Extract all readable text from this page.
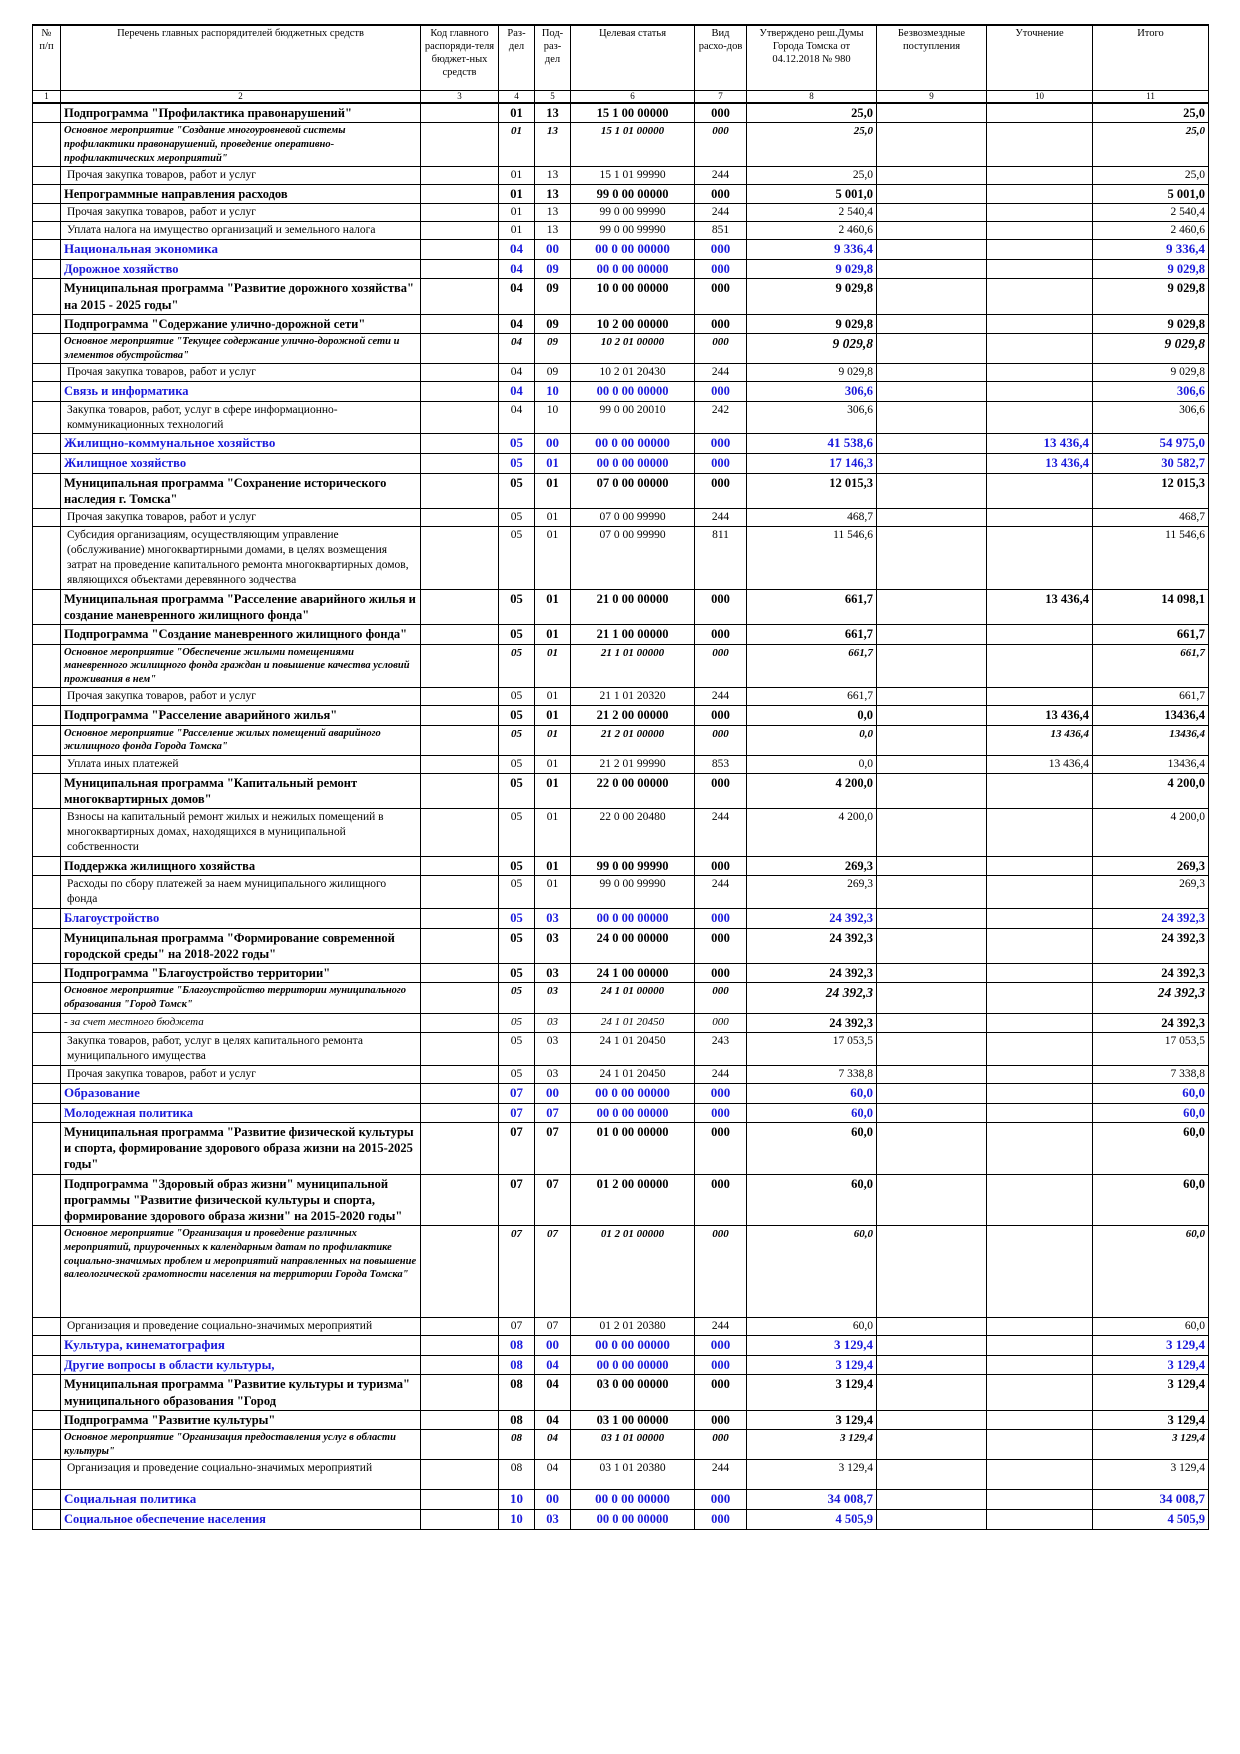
№ п/п	Перечень главных распорядителей бюджетных средств	Код главного распоряди-теля бюджет-ных средств	Раз-дел	Под-раз-дел	Целевая статья	Вид расхо-дов	Утверждено реш.Думы Города Томска от 04.12.2018 № 980	Безвозмездные поступления	Уточнение	Итого
1	2	3	4	5	6	7	8	9	10	11
	Подпрограмма "Профилактика правонарушений"		01	13	15 1 00 00000	000	25,0			25,0
	Основное мероприятие "Создание многоуровневой системы профилактики правонарушений, проведение оперативно-профилактических мероприятий"		01	13	15 1 01 00000	000	25,0			25,0
	Прочая закупка товаров, работ и услуг		01	13	15 1 01 99990	244	25,0			25,0
	Непрограммные направления расходов		01	13	99 0 00 00000	000	5 001,0			5 001,0
	Прочая закупка товаров, работ и услуг		01	13	99 0 00 99990	244	2 540,4			2 540,4
	Уплата налога на имущество организаций и земельного налога		01	13	99 0 00 99990	851	2 460,6			2 460,6
	Национальная экономика		04	00	00 0 00 00000	000	9 336,4			9 336,4
	Дорожное хозяйство		04	09	00 0 00 00000	000	9 029,8			9 029,8
	Муниципальная программа "Развитие дорожного хозяйства" на 2015 - 2025 годы"		04	09	10 0 00 00000	000	9 029,8			9 029,8
	Подпрограмма "Содержание улично-дорожной сети"		04	09	10 2 00 00000	000	9 029,8			9 029,8
	Основное мероприятие "Текущее содержание улично-дорожной сети и элементов обустройства"		04	09	10 2 01 00000	000	9 029,8			9 029,8
	Прочая закупка товаров, работ и услуг		04	09	10 2 01 20430	244	9 029,8			9 029,8
	Связь и информатика		04	10	00 0 00 00000	000	306,6			306,6
	Закупка товаров, работ, услуг в сфере информационно-коммуникационных технологий		04	10	99 0 00 20010	242	306,6			306,6
	Жилищно-коммунальное хозяйство		05	00	00 0 00 00000	000	41 538,6		13 436,4	54 975,0
	Жилищное хозяйство		05	01	00 0 00 00000	000	17 146,3		13 436,4	30 582,7
	Муниципальная программа "Сохранение исторического наследия г. Томска"		05	01	07 0 00 00000	000	12 015,3			12 015,3
	Прочая закупка товаров, работ и услуг		05	01	07 0 00 99990	244	468,7			468,7
	Субсидия организациям, осуществляющим управление (обслуживание) многоквартирными домами, в целях возмещения затрат на проведение капитального ремонта многоквартирных домов, являющихся объектами деревянного зодчества		05	01	07 0 00 99990	811	11 546,6			11 546,6
	Муниципальная программа "Расселение аварийного жилья и создание маневренного жилищного фонда"		05	01	21 0 00 00000	000	661,7		13 436,4	14 098,1
	Подпрограмма "Создание маневренного жилищного фонда"		05	01	21 1 00 00000	000	661,7			661,7
	Основное мероприятие "Обеспечение жилыми помещениями маневренного жилищного фонда граждан и повышение качества условий проживания в нем"		05	01	21 1 01 00000	000	661,7			661,7
	Прочая закупка товаров, работ и услуг		05	01	21 1 01 20320	244	661,7			661,7
	Подпрограмма "Расселение аварийного жилья"		05	01	21 2 00 00000	000	0,0		13 436,4	13436,4
	Основное мероприятие "Расселение жилых помещений аварийного жилищного фонда Города Томска"		05	01	21 2 01 00000	000	0,0		13 436,4	13436,4
	Уплата иных платежей		05	01	21 2 01 99990	853	0,0		13 436,4	13436,4
	Муниципальная программа "Капитальный ремонт многоквартирных домов"		05	01	22 0 00 00000	000	4 200,0			4 200,0
	Взносы на капитальный ремонт жилых и нежилых помещений в многоквартирных домах, находящихся в муниципальной собственности		05	01	22 0 00 20480	244	4 200,0			4 200,0
	Поддержка жилищного хозяйства		05	01	99 0 00 99990	000	269,3			269,3
	Расходы по сбору платежей за наем муниципального жилищного фонда		05	01	99 0 00 99990	244	269,3			269,3
	Благоустройство		05	03	00 0 00 00000	000	24 392,3			24 392,3
	Муниципальная программа "Формирование современной городской среды" на 2018-2022 годы"		05	03	24 0 00 00000	000	24 392,3			24 392,3
	Подпрограмма "Благоустройство территории"		05	03	24 1 00 00000	000	24 392,3			24 392,3
	Основное мероприятие "Благоустройство территории муниципального образования "Город Томск"		05	03	24 1 01 00000	000	24 392,3			24 392,3
	- за счет местного бюджета		05	03	24 1 01 20450	000	24 392,3			24 392,3
	Закупка товаров, работ, услуг в целях капитального ремонта муниципального имущества		05	03	24 1 01 20450	243	17 053,5			17 053,5
	Прочая закупка товаров, работ и услуг		05	03	24 1 01 20450	244	7 338,8			7 338,8
	Образование		07	00	00 0 00 00000	000	60,0			60,0
	Молодежная политика		07	07	00 0 00 00000	000	60,0			60,0
	Муниципальная программа "Развитие физической культуры и спорта, формирование здорового образа жизни на 2015-2025 годы"		07	07	01 0 00 00000	000	60,0			60,0
	Подпрограмма "Здоровый образ жизни" муниципальной программы "Развитие физической культуры и спорта, формирование здорового образа жизни" на 2015-2020 годы"		07	07	01 2 00 00000	000	60,0			60,0
	Основное мероприятие "Организация и проведение различных мероприятий, приуроченных к календарным датам по профилактике социально-значимых проблем и мероприятий направленных на повышение валеологической грамотности населения на территории Города Томска"		07	07	01 2 01 00000	000	60,0			60,0
	Организация и проведение социально-значимых мероприятий		07	07	01 2 01 20380	244	60,0			60,0
	Культура, кинематография		08	00	00 0 00 00000	000	3 129,4			3 129,4
	Другие вопросы в области культуры,		08	04	00 0 00 00000	000	3 129,4			3 129,4
	Муниципальная программа "Развитие культуры и туризма" муниципального образования "Город		08	04	03 0 00 00000	000	3 129,4			3 129,4
	Подпрограмма "Развитие культуры"		08	04	03 1 00 00000	000	3 129,4			3 129,4
	Основное мероприятие "Организация предоставления услуг в области культуры"		08	04	03 1 01 00000	000	3 129,4			3 129,4
	Организация и проведение социально-значимых мероприятий		08	04	03 1 01 20380	244	3 129,4			3 129,4
	Социальная политика		10	00	00 0 00 00000	000	34 008,7			34 008,7
	Социальное обеспечение населения		10	03	00 0 00 00000	000	4 505,9			4 505,9
